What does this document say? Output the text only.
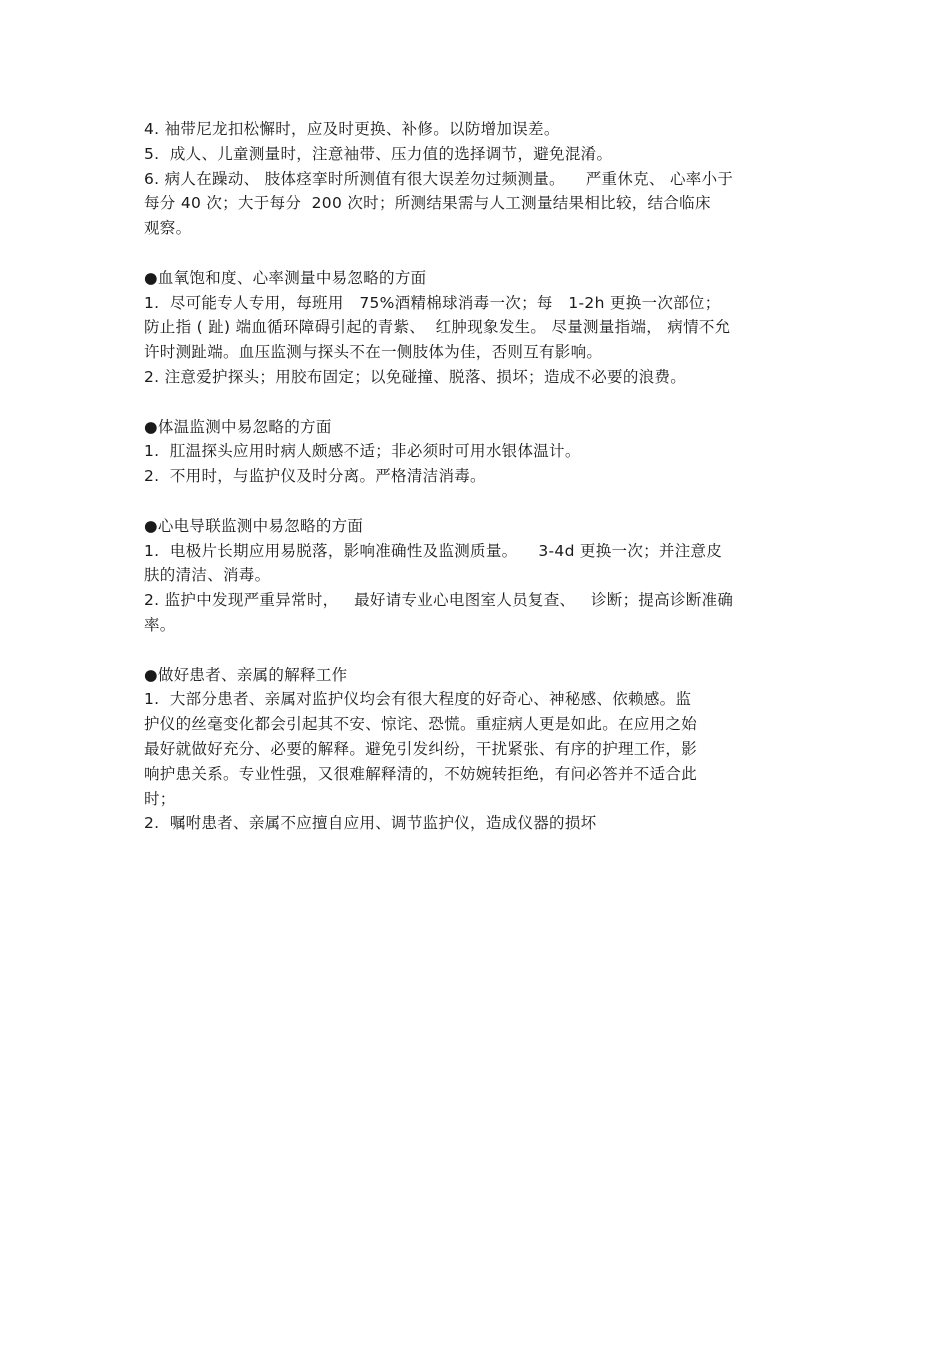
4. 袖带尼龙扣松懈时，应及时更换、补修。以防增加误差。
5.  成人、儿童测量时，注意袖带、压力值的选择调节，避免混淆。
6. 病人在躁动、 肢体痉挛时所测值有很大误差勿过频测量。    严重休克、 心率小于
每分 40 次；大于每分  200 次时；所测结果需与人工测量结果相比较，结合临床
观察。
●血氧饱和度、心率测量中易忽略的方面
1.  尽可能专人专用，每班用   75%酒精棉球消毒一次；每   1-2h 更换一次部位；
防止指 ( 趾) 端血循环障碍引起的青紫、  红肿现象发生。 尽量测量指端， 病情不允
许时测趾端。血压监测与探头不在一侧肢体为佳，否则互有影响。
2. 注意爱护探头；用胶布固定；以免碰撞、脱落、损坏；造成不必要的浪费。
●体温监测中易忽略的方面
1.  肛温探头应用时病人颇感不适；非必须时可用水银体温计。
2.  不用时，与监护仪及时分离。严格清洁消毒。
●心电导联监测中易忽略的方面
1.  电极片长期应用易脱落，影响准确性及监测质量。    3-4d 更换一次；并注意皮
肤的清洁、消毒。
2. 监护中发现严重异常时，   最好请专业心电图室人员复查、   诊断；提高诊断准确
率。
●做好患者、亲属的解释工作
1.  大部分患者、亲属对监护仪均会有很大程度的好奇心、神秘感、依赖感。监
护仪的丝毫变化都会引起其不安、惊诧、恐慌。重症病人更是如此。在应用之始
最好就做好充分、必要的解释。避免引发纠纷，干扰紧张、有序的护理工作，影
响护患关系。专业性强，又很难解释清的，不妨婉转拒绝，有问必答并不适合此
时；
2.  嘱咐患者、亲属不应擅自应用、调节监护仪，造成仪器的损坏
